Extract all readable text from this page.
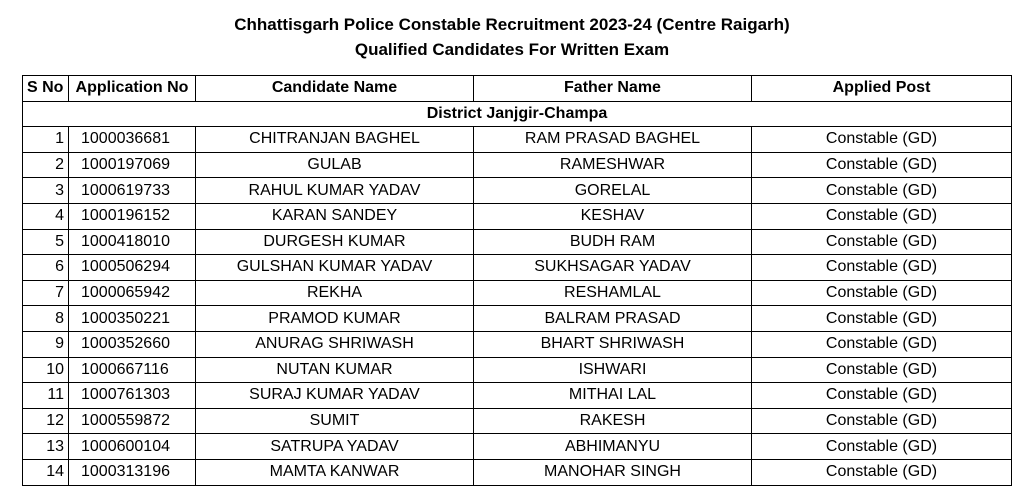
Chhattisgarh Police Constable Recruitment 2023-24 (Centre Raigarh)
Qualified Candidates For Written Exam
S No	Application No	Candidate Name	Father Name	Applied Post
District Janjgir-Champa				
1	1000036681	CHITRANJAN BAGHEL	RAM PRASAD BAGHEL	Constable (GD)
2	1000197069	GULAB	RAMESHWAR	Constable (GD)
3	1000619733	RAHUL KUMAR YADAV	GORELAL	Constable (GD)
4	1000196152	KARAN SANDEY	KESHAV	Constable (GD)
5	1000418010	DURGESH KUMAR	BUDH RAM	Constable (GD)
6	1000506294	GULSHAN KUMAR YADAV	SUKHSAGAR YADAV	Constable (GD)
7	1000065942	REKHA	RESHAMLAL	Constable (GD)
8	1000350221	PRAMOD KUMAR	BALRAM PRASAD	Constable (GD)
9	1000352660	ANURAG SHRIWASH	BHART SHRIWASH	Constable (GD)
10	1000667116	NUTAN KUMAR	ISHWARI	Constable (GD)
11	1000761303	SURAJ KUMAR YADAV	MITHAI LAL	Constable (GD)
12	1000559872	SUMIT	RAKESH	Constable (GD)
13	1000600104	SATRUPA YADAV	ABHIMANYU	Constable (GD)
14	1000313196	MAMTA KANWAR	MANOHAR SINGH	Constable (GD)
